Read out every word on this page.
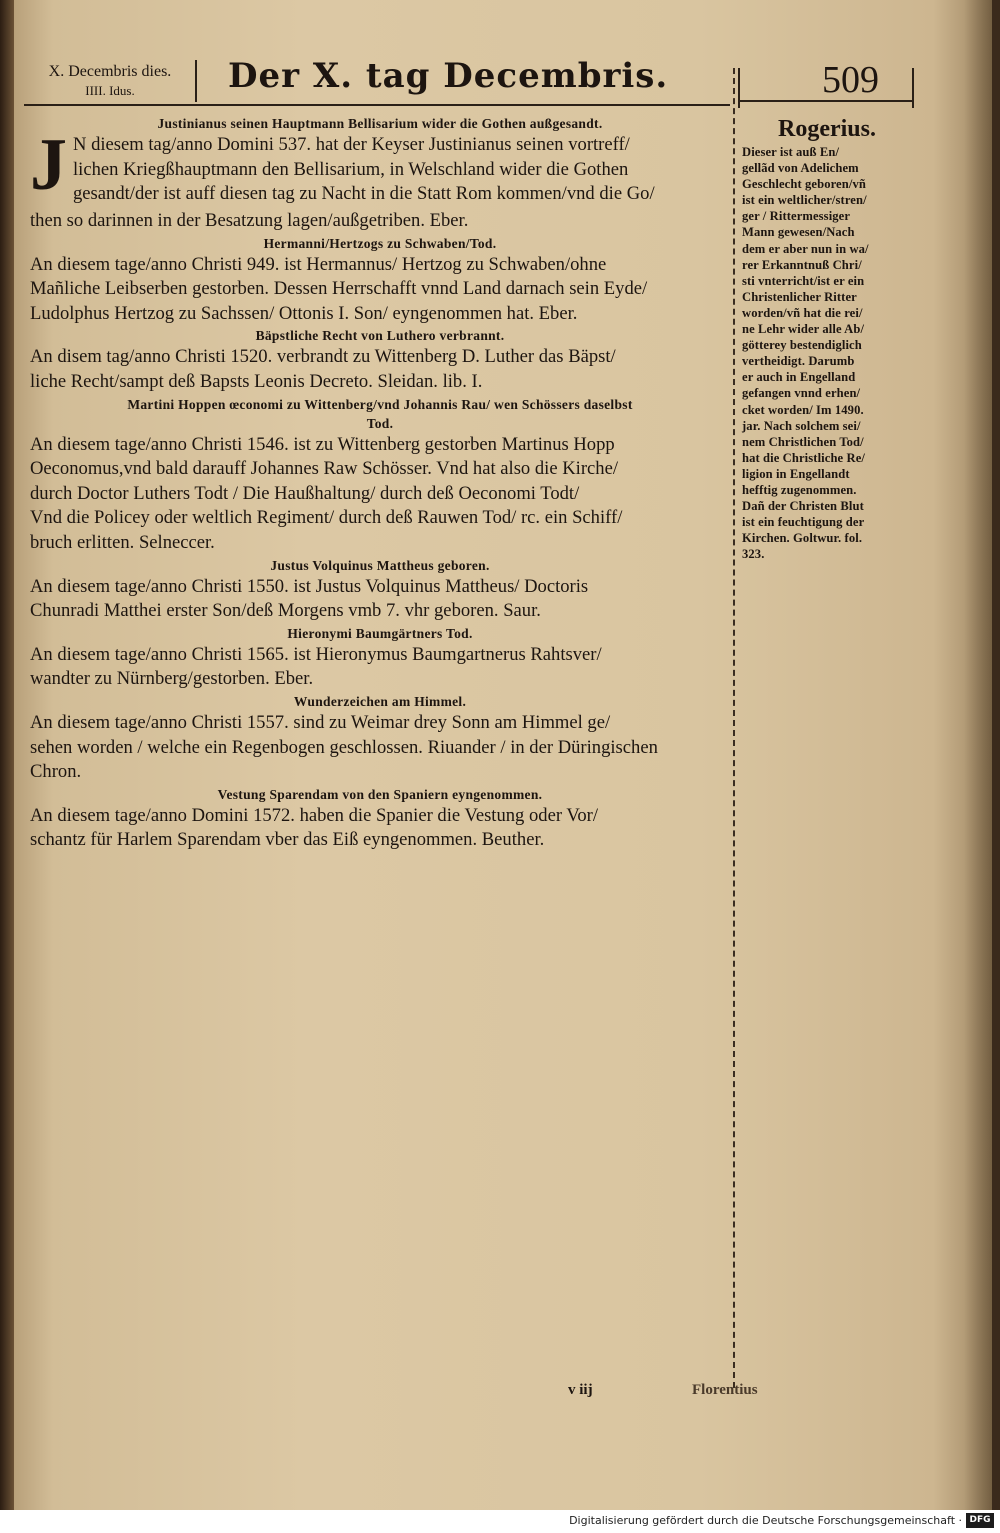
X. Decembris dies.
IIII. Idus.	Der X. tag Decembris.	509
Justinianus seinen Hauptmann Bellisarium wider die Gothen außgesandt.
J N diesem tag/anno Domini 537. hat der Keyser Justinianus seinen vortreff/
lichen Kriegßhauptmann den Bellisarium, in Welschland wider die Gothen
gesandt/der ist auff diesen tag zu Nacht in die Statt Rom kommen/vnd die Go/
then so darinnen in der Besatzung lagen/außgetriben. Eber.
Hermanni/Hertzogs zu Schwaben/Tod.
An diesem tage/anno Christi 949. ist Hermannus/ Hertzog zu Schwaben/ohne
Mañliche Leibserben gestorben. Dessen Herrschafft vnnd Land darnach sein Eyde/
Ludolphus Hertzog zu Sachssen/ Ottonis I. Son/ eyngenommen hat. Eber.
Bäpstliche Recht von Luthero verbrannt.
An disem tag/anno Christi 1520. verbrandt zu Wittenberg D. Luther das Bäpst/
liche Recht/sampt deß Bapsts Leonis Decreto. Sleidan. lib. I.
Martini Hoppen œconomi zu Wittenberg/vnd Johannis Rau/ wen Schössers daselbst Tod.
An diesem tage/anno Christi 1546. ist zu Wittenberg gestorben Martinus Hopp
Oeconomus,vnd bald darauff Johannes Raw Schösser. Vnd hat also die Kirche/
durch Doctor Luthers Todt / Die Haußhaltung/ durch deß Oeconomi Todt/
Vnd die Policey oder weltlich Regiment/ durch deß Rauwen Tod/ rc. ein Schiff/
bruch erlitten. Selneccer.
Justus Volquinus Mattheus geboren.
An diesem tage/anno Christi 1550. ist Justus Volquinus Mattheus/ Doctoris
Chunradi Matthei erster Son/deß Morgens vmb 7. vhr geboren. Saur.
Hieronymi Baumgärtners Tod.
An diesem tage/anno Christi 1565. ist Hieronymus Baumgartnerus Rahtsver/
wandter zu Nürnberg/gestorben. Eber.
Wunderzeichen am Himmel.
An diesem tage/anno Christi 1557. sind zu Weimar drey Sonn am Himmel ge/
sehen worden / welche ein Regenbogen geschlossen. Riuander / in der Düringischen
Chron.
Vestung Sparendam von den Spaniern eyngenommen.
An diesem tage/anno Domini 1572. haben die Spanier die Vestung oder Vor/
schantz für Harlem Sparendam vber das Eiß eyngenommen. Beuther.
Rogerius.
Dieser ist auß En/
gellãd von Adelichem
Geschlecht geboren/vñ
ist ein weltlicher/stren/
ger / Rittermessiger
Mann gewesen/Nach
dem er aber nun in wa/
rer Erkanntnuß Chri/
sti vnterricht/ist er ein
Christenlicher Ritter
worden/vñ hat die rei/
ne Lehr wider alle Ab/
götterey bestendiglich
vertheidigt. Darumb
er auch in Engelland
gefangen vnnd erhen/
cket worden/ Im 1490.
jar. Nach solchem sei/
nem Christlichen Tod/
hat die Christliche Re/
ligion in Engellandt
hefftig zugenommen.
Dañ der Christen Blut
ist ein feuchtigung der
Kirchen. Goltwur. fol.
323.
v iij	Florentius
Digitalisierung gefördert durch die Deutsche Forschungsgemeinschaft · DFG
